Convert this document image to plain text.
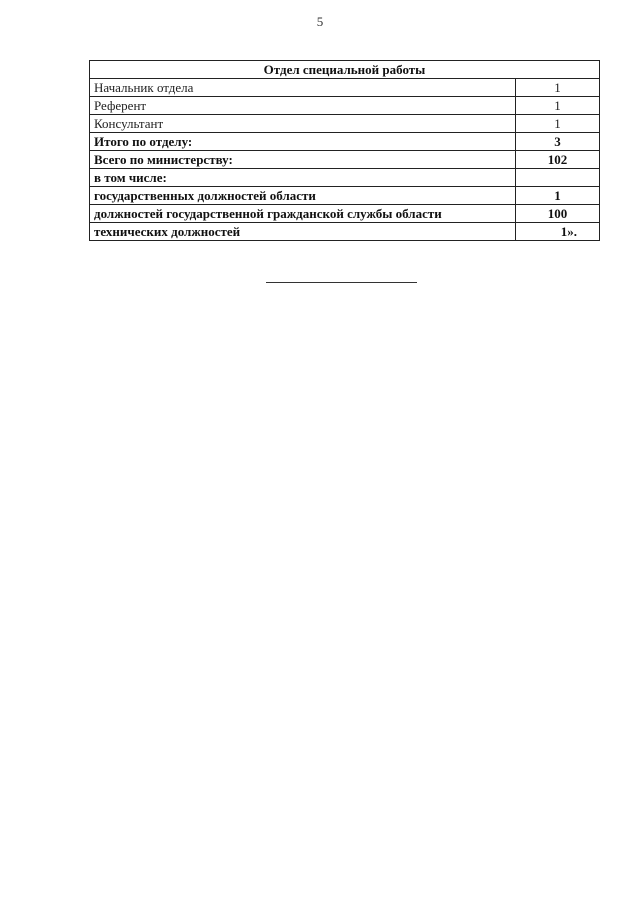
5
Отдел специальной работы	
Начальник отдела	1
Референт	1
Консультант	1
Итого по отделу:	3
Всего по министерству:	102
в том числе:	
государственных должностей области	1
должностей государственной гражданской службы области	100
технических должностей	1».
